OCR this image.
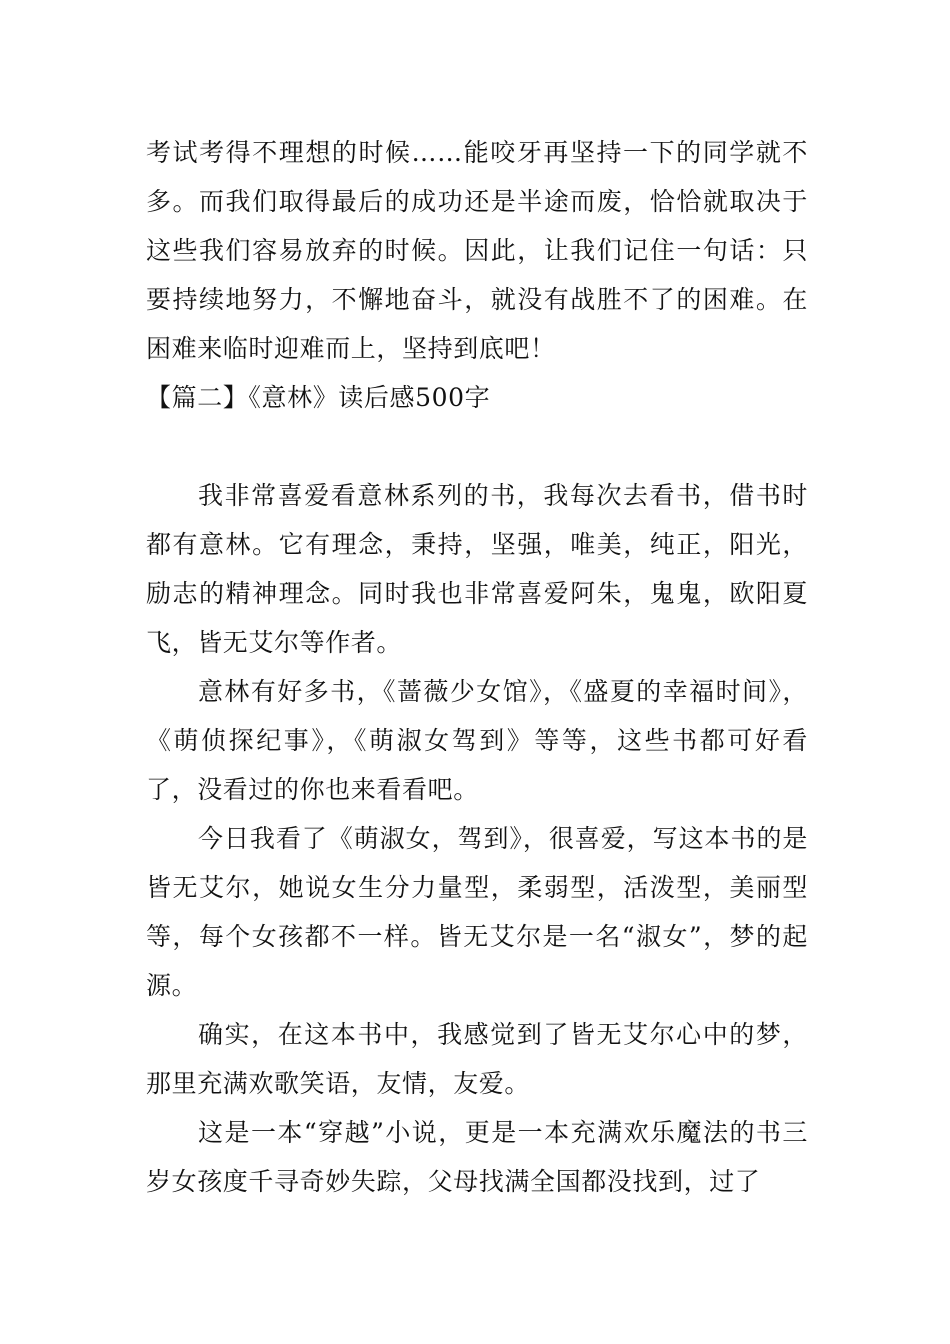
考试考得不理想的时候……能咬牙再坚持一下的同学就不多。而我们取得最后的成功还是半途而废，恰恰就取决于这些我们容易放弃的时候。因此，让我们记住一句话：只要持续地努力，不懈地奋斗，就没有战胜不了的困难。在困难来临时迎难而上，坚持到底吧！

【篇二】《意林》读后感500字

我非常喜爱看意林系列的书，我每次去看书，借书时都有意林。它有理念，秉持，坚强，唯美，纯正，阳光，励志的精神理念。同时我也非常喜爱阿朱，鬼鬼，欧阳夏飞，皆无艾尔等作者。

意林有好多书，《蔷薇少女馆》，《盛夏的幸福时间》，《萌侦探纪事》，《萌淑女驾到》等等，这些书都可好看了，没看过的你也来看看吧。

今日我看了《萌淑女，驾到》，很喜爱，写这本书的是皆无艾尔，她说女生分力量型，柔弱型，活泼型，美丽型等，每个女孩都不一样。皆无艾尔是一名“淑女”，梦的起源。

确实，在这本书中，我感觉到了皆无艾尔心中的梦，那里充满欢歌笑语，友情，友爱。

这是一本“穿越”小说，更是一本充满欢乐魔法的书三岁女孩度千寻奇妙失踪，父母找满全国都没找到，过了
